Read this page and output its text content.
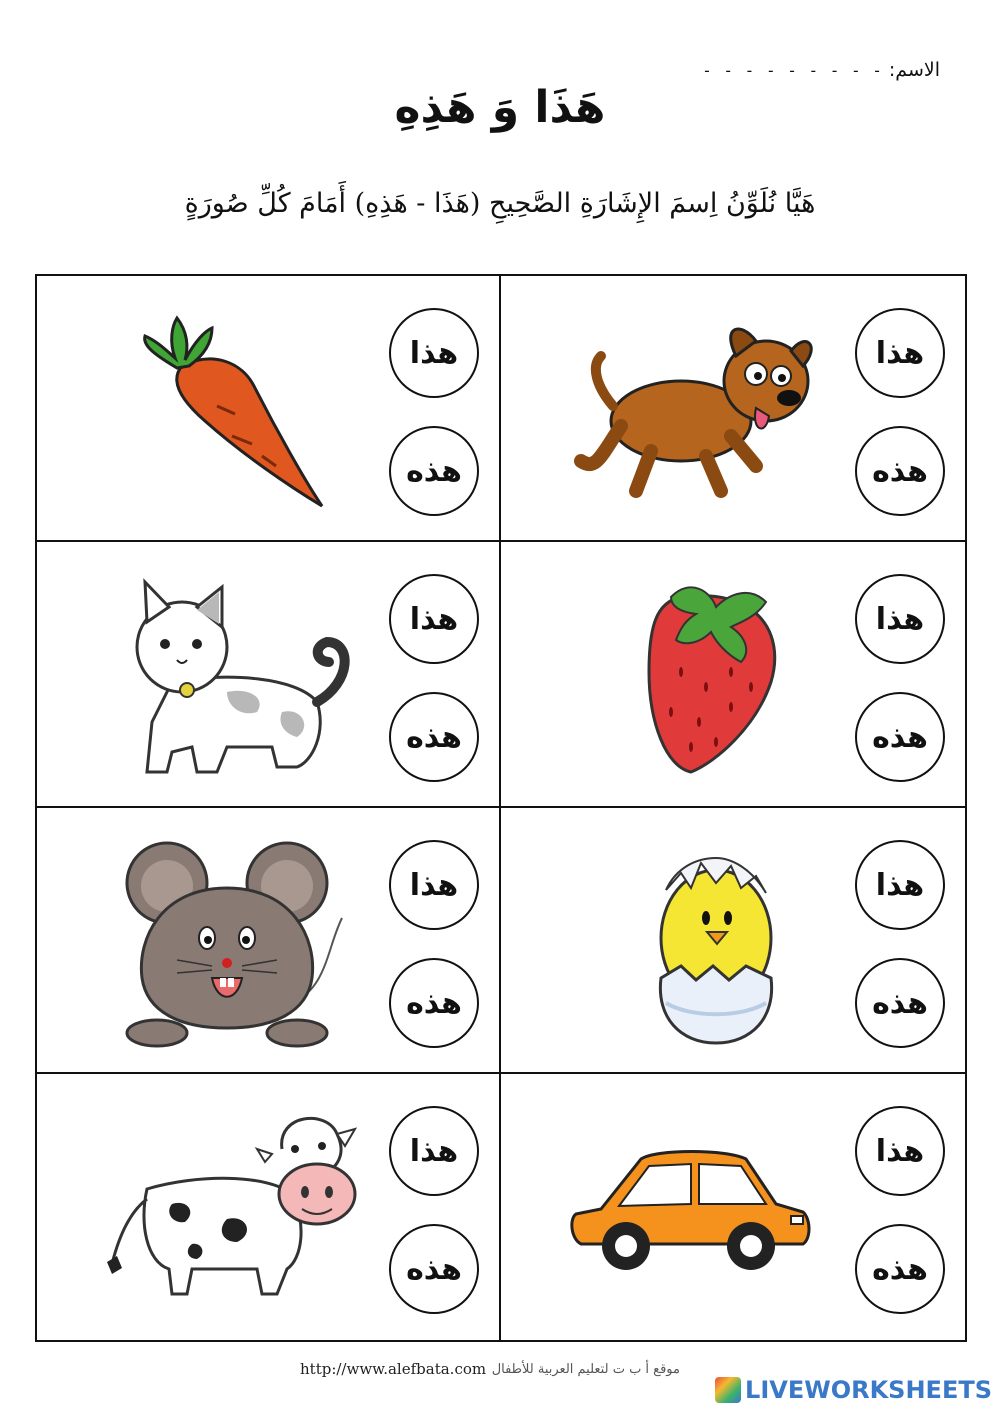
الاسم:
- - - - - - - - -
هَذَا وَ هَذِهِ
هَيَّا نُلَوِّنُ اِسمَ الإِشَارَةِ الصَّحِيحِ (هَذَا - هَذِهِ) أَمَامَ كُلِّ صُورَةٍ
هذا
هذه
هذا
هذه
هذا
هذه
هذا
هذه
هذا
هذه
هذا
هذه
هذا
هذه
هذا
هذه
http://www.alefbata.com موقع أ ب ت لتعليم العربية للأطفال
LIVEWORKSHEETS
